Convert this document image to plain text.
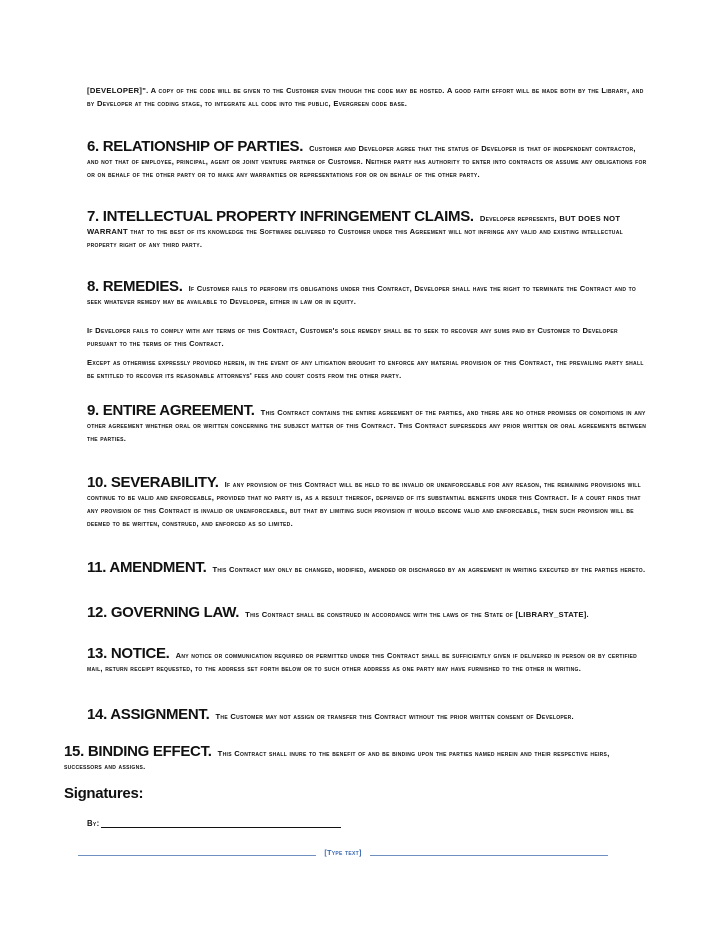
[DEVELOPER]". A copy of the code will be given to the Customer even though the code may be hosted. A good faith effort will be made both by the Library, and by Developer at the coding stage, to integrate all code into the public, Evergreen code base.

6. RELATIONSHIP OF PARTIES. Customer and Developer agree that the status of Developer is that of independent contractor, and not that of employee, principal, agent or joint venture partner of Customer. Neither party has authority to enter into contracts or assume any obligations for or on behalf of the other party or to make any warranties or representations for or on behalf of the other party.

7. INTELLECTUAL PROPERTY INFRINGEMENT CLAIMS. Developer represents, BUT DOES NOT WARRANT that to the best of its knowledge the Software delivered to Customer under this Agreement will not infringe any valid and existing intellectual property right of any third party.

8. REMEDIES. If Customer fails to perform its obligations under this Contract, Developer shall have the right to terminate the Contract and to seek whatever remedy may be available to Developer, either in law or in equity.

If Developer fails to comply with any terms of this Contract, Customer's sole remedy shall be to seek to recover any sums paid by Customer to Developer pursuant to the terms of this Contract.
Except as otherwise expressly provided herein, in the event of any litigation brought to enforce any material provision of this Contract, the prevailing party shall be entitled to recover its reasonable attorneys' fees and court costs from the other party.

9. ENTIRE AGREEMENT. This Contract contains the entire agreement of the parties, and there are no other promises or conditions in any other agreement whether oral or written concerning the subject matter of this Contract. This Contract supersedes any prior written or oral agreements between the parties.

10. SEVERABILITY. If any provision of this Contract will be held to be invalid or unenforceable for any reason, the remaining provisions will continue to be valid and enforceable, provided that no party is, as a result thereof, deprived of its substantial benefits under this Contract. If a court finds that any provision of this Contract is invalid or unenforceable, but that by limiting such provision it would become valid and enforceable, then such provision will be deemed to be written, construed, and enforced as so limited.

11. AMENDMENT. This Contract may only be changed, modified, amended or discharged by an agreement in writing executed by the parties hereto.

12. GOVERNING LAW. This Contract shall be construed in accordance with the laws of the State of [LIBRARY_STATE].

13. NOTICE. Any notice or communication required or permitted under this Contract shall be sufficiently given if delivered in person or by certified mail, return receipt requested, to the address set forth below or to such other address as one party may have furnished to the other in writing.

14. ASSIGNMENT. The Customer may not assign or transfer this Contract without the prior written consent of Developer.

15. BINDING EFFECT. This Contract shall inure to the benefit of and be binding upon the parties named herein and their respective heirs, successors and assigns.

Signatures:
By:
[Type text]
